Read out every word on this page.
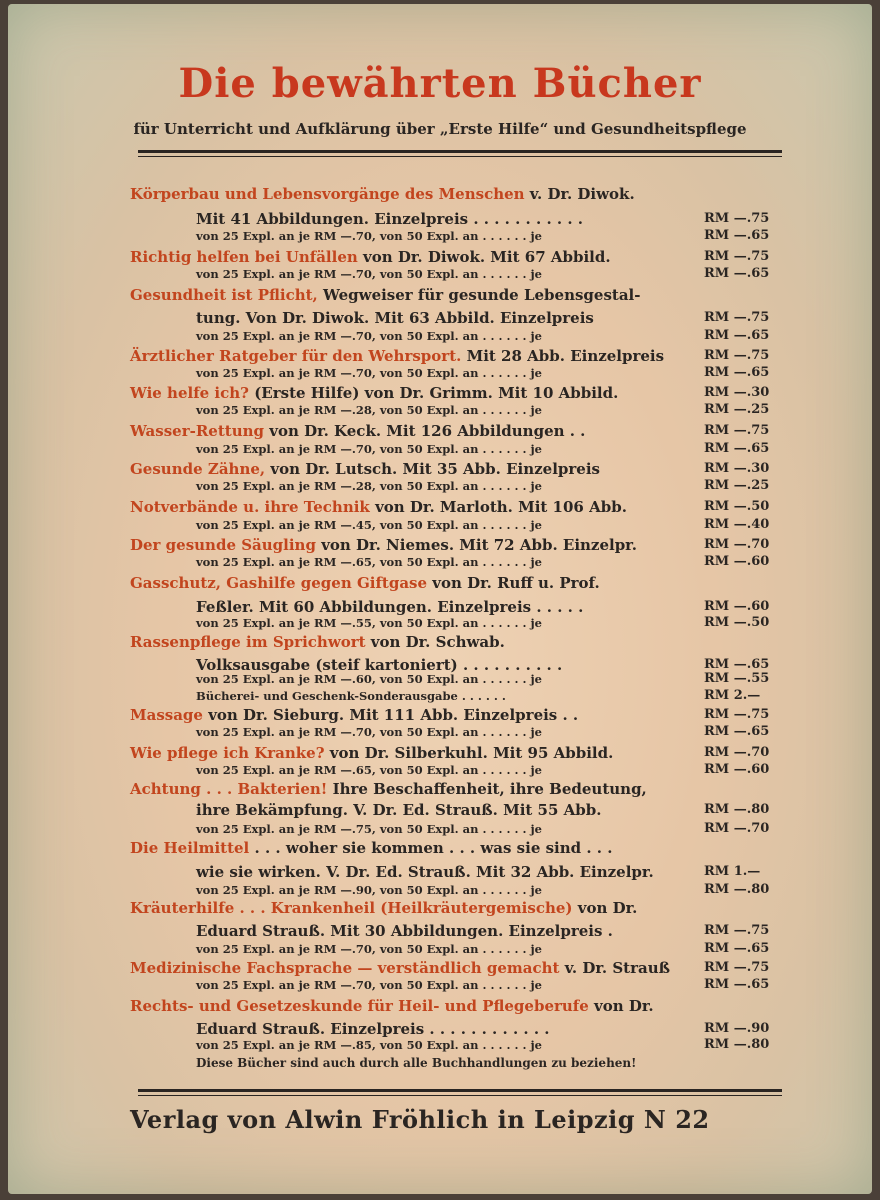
Die bewährten Bücher
für Unterricht und Aufklärung über „Erste Hilfe“ und Gesundheitspflege
Körperbau und Lebensvorgänge des Menschen v. Dr. Diwok.
Mit 41 Abbildungen. Einzelpreis . . . . . . . . . . .	RM —.75
von 25 Expl. an je RM —.70, von 50 Expl. an . . . . . . je	RM —.65
Richtig helfen bei Unfällen von Dr. Diwok. Mit 67 Abbild.	RM —.75
von 25 Expl. an je RM —.70, von 50 Expl. an . . . . . . je	RM —.65
Gesundheit ist Pflicht, Wegweiser für gesunde Lebensgestal-
tung. Von Dr. Diwok. Mit 63 Abbild. Einzelpreis	RM —.75
von 25 Expl. an je RM —.70, von 50 Expl. an . . . . . . je	RM —.65
Ärztlicher Ratgeber für den Wehrsport. Mit 28 Abb. Einzelpreis	RM —.75
von 25 Expl. an je RM —.70, von 50 Expl. an . . . . . . je	RM —.65
Wie helfe ich? (Erste Hilfe) von Dr. Grimm. Mit 10 Abbild.	RM —.30
von 25 Expl. an je RM —.28, von 50 Expl. an . . . . . . je	RM —.25
Wasser-Rettung von Dr. Keck. Mit 126 Abbildungen . .	RM —.75
von 25 Expl. an je RM —.70, von 50 Expl. an . . . . . . je	RM —.65
Gesunde Zähne, von Dr. Lutsch. Mit 35 Abb. Einzelpreis	RM —.30
von 25 Expl. an je RM —.28, von 50 Expl. an . . . . . . je	RM —.25
Notverbände u. ihre Technik von Dr. Marloth. Mit 106 Abb.	RM —.50
von 25 Expl. an je RM —.45, von 50 Expl. an . . . . . . je	RM —.40
Der gesunde Säugling von Dr. Niemes. Mit 72 Abb. Einzelpr.	RM —.70
von 25 Expl. an je RM —.65, von 50 Expl. an . . . . . . je	RM —.60
Gasschutz, Gashilfe gegen Giftgase von Dr. Ruff u. Prof.
Feßler. Mit 60 Abbildungen. Einzelpreis . . . . .	RM —.60
von 25 Expl. an je RM —.55, von 50 Expl. an . . . . . . je	RM —.50
Rassenpflege im Sprichwort von Dr. Schwab.
Volksausgabe (steif kartoniert) . . . . . . . . . .	RM —.65
von 25 Expl. an je RM —.60, von 50 Expl. an . . . . . . je	RM —.55
Bücherei- und Geschenk-Sonderausgabe . . . . . .	RM 2.—
Massage von Dr. Sieburg. Mit 111 Abb. Einzelpreis . .	RM —.75
von 25 Expl. an je RM —.70, von 50 Expl. an . . . . . . je	RM —.65
Wie pflege ich Kranke? von Dr. Silberkuhl. Mit 95 Abbild.	RM —.70
von 25 Expl. an je RM —.65, von 50 Expl. an . . . . . . je	RM —.60
Achtung . . . Bakterien! Ihre Beschaffenheit, ihre Bedeutung,
ihre Bekämpfung. V. Dr. Ed. Strauß. Mit 55 Abb.	RM —.80
von 25 Expl. an je RM —.75, von 50 Expl. an . . . . . . je	RM —.70
Die Heilmittel . . . woher sie kommen . . . was sie sind . . .
wie sie wirken. V. Dr. Ed. Strauß. Mit 32 Abb. Einzelpr.	RM 1.—
von 25 Expl. an je RM —.90, von 50 Expl. an . . . . . . je	RM —.80
Kräuterhilfe . . . Krankenheil (Heilkräutergemische) von Dr.
Eduard Strauß. Mit 30 Abbildungen. Einzelpreis .	RM —.75
von 25 Expl. an je RM —.70, von 50 Expl. an . . . . . . je	RM —.65
Medizinische Fachsprache — verständlich gemacht v. Dr. Strauß	RM —.75
von 25 Expl. an je RM —.70, von 50 Expl. an . . . . . . je	RM —.65
Rechts- und Gesetzeskunde für Heil- und Pflegeberufe von Dr.
Eduard Strauß. Einzelpreis . . . . . . . . . . . .	RM —.90
von 25 Expl. an je RM —.85, von 50 Expl. an . . . . . . je	RM —.80
Diese Bücher sind auch durch alle Buchhandlungen zu beziehen!
Verlag von Alwin Fröhlich in Leipzig N 22
